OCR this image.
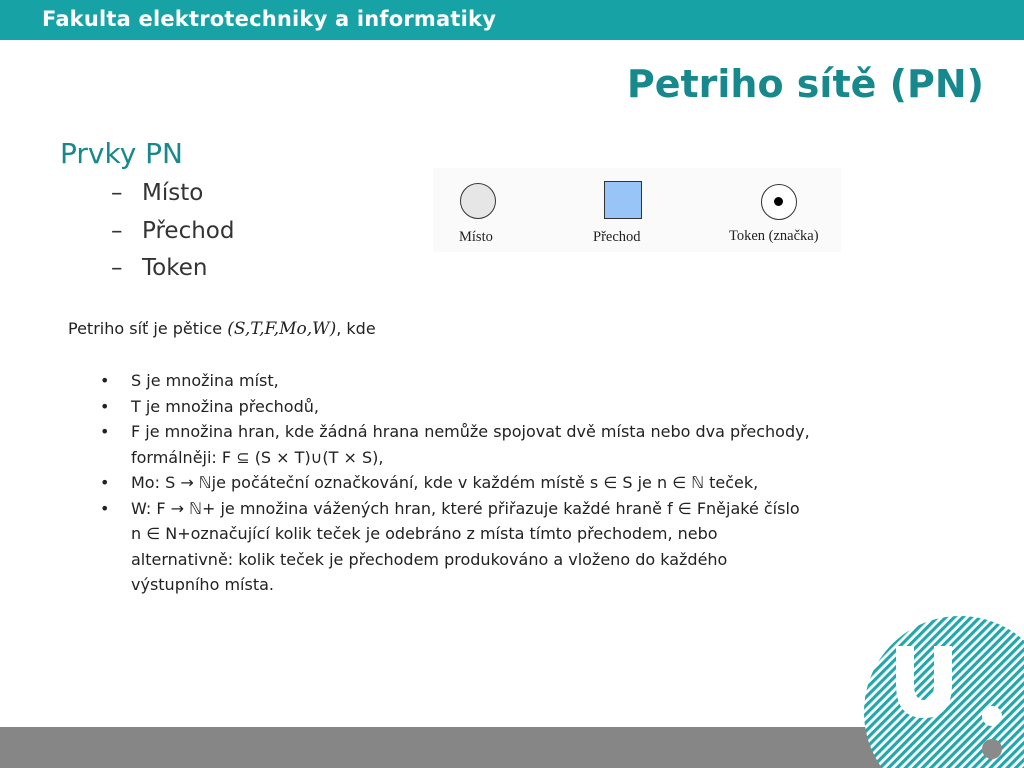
Fakulta elektrotechniky a informatiky
Petriho sítě (PN)
Prvky PN
– Místo
– Přechod
– Token
Místo	Přechod	Token (značka)
Petriho síť je pětice (S,T,F,Mo,W), kde
• S je množina míst,
• T je množina přechodů,
• F je množina hran, kde žádná hrana nemůže spojovat dvě místa nebo dva přechody,
formálněji: F ⊆ (S × T)∪(T × S),
• Mo: S → ℕje počáteční označkování, kde v každém místě s ∈ S je n ∈ ℕ teček,
• W: F → ℕ+ je množina vážených hran, které přiřazuje každé hraně f ∈ Fnějaké číslo
n ∈ N+označující kolik teček je odebráno z místa tímto přechodem, nebo
alternativně: kolik teček je přechodem produkováno a vloženo do každého
výstupního místa.
